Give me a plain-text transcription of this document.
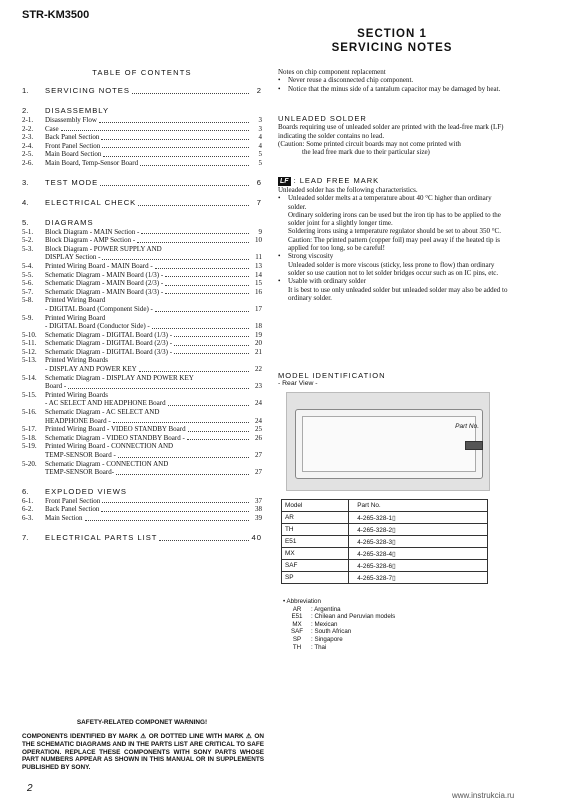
STR-KM3500
SECTION 1
SERVICING NOTES
TABLE OF CONTENTS
1.	SERVICING NOTES	2
2.	DISASSEMBLY
2-1.	Disassembly Flow	3
2-2.	Case	3
2-3.	Back Panel Section	4
2-4.	Front Panel Section	4
2-5.	Main Board Section	5
2-6.	Main Board, Temp-Sensor Board	5
3.	TEST MODE	6
4.	ELECTRICAL CHECK	7
5.	DIAGRAMS
5-1.	Block Diagram - MAIN Section -	9
5-2.	Block Diagram - AMP Section -	10
5-3.	Block Diagram - POWER SUPPLY AND
DISPLAY Section -	11
5-4.	Printed Wiring Board - MAIN Board -	13
5-5.	Schematic Diagram - MAIN Board (1/3) -	14
5-6.	Schematic Diagram - MAIN Board (2/3) -	15
5-7.	Schematic Diagram - MAIN Board (3/3) -	16
5-8.	Printed Wiring Board
- DIGITAL Board (Component Side) -	17
5-9.	Printed Wiring Board
- DIGITAL Board (Conductor Side) -	18
5-10.	Schematic Diagram - DIGITAL Board (1/3) -	19
5-11.	Schematic Diagram - DIGITAL Board (2/3) -	20
5-12.	Schematic Diagram - DIGITAL Board (3/3) -	21
5-13.	Printed Wiring Boards
- DISPLAY AND POWER KEY	22
5-14.	Schematic Diagram - DISPLAY AND POWER KEY
Board -	23
5-15.	Printed Wiring Boards
- AC SELECT AND HEADPHONE Board	24
5-16.	Schematic Diagram - AC SELECT AND
HEADPHONE Board -	24
5-17.	Printed Wiring Board - VIDEO STANDBY Board	25
5-18.	Schematic Diagram - VIDEO STANDBY Board -	26
5-19.	Printed Wiring Board - CONNECTION AND
TEMP-SENSOR Board -	27
5-20.	Schematic Diagram - CONNECTION AND
TEMP-SENSOR Board-	27
6.	EXPLODED VIEWS
6-1.	Front Panel Section	37
6-2.	Back Panel Section	38
6-3.	Main Section	39
7.	ELECTRICAL PARTS LIST	40
Notes on chip component replacement
•	Never reuse a disconnected chip component.
•	Notice that the minus side of a tantalum capacitor may be damaged by heat.
UNLEADED SOLDER
Boards requiring use of unleaded solder are printed with the lead-free mark (LF) indicating the solder contains no lead.
(Caution: Some printed circuit boards may not come printed with
the lead free mark due to their particular size)
LF : LEAD FREE MARK
Unleaded solder has the following characteristics.
•	Unleaded solder melts at a temperature about 40 °C higher than ordinary solder.
Ordinary soldering irons can be used but the iron tip has to be applied to the solder joint for a slightly longer time.
Soldering irons using a temperature regulator should be set to about 350 °C.
Caution: The printed pattern (copper foil) may peel away if the heated tip is applied for too long, so be careful!
•	Strong viscosity
Unleaded solder is more viscous (sticky, less prone to flow) than ordinary solder so use caution not to let solder bridges occur such as on IC pins, etc.
•	Usable with ordinary solder
It is best to use only unleaded solder but unleaded solder may also be added to ordinary solder.
MODEL IDENTIFICATION
- Rear View -
Part No.
Model	Part No.
AR	4-265-328-1▯
TH	4-265-328-2▯
E51	4-265-328-3▯
MX	4-265-328-4▯
SAF	4-265-328-6▯
SP	4-265-328-7▯
• Abbreviation
AR	: Argentina
E51	: Chilean and Peruvian models
MX	: Mexican
SAF	: South African
SP	: Singapore
TH	: Thai
SAFETY-RELATED COMPONET WARNING!
COMPONENTS IDENTIFIED BY MARK ⚠ OR DOTTED LINE WITH MARK ⚠ ON THE SCHEMATIC DIAGRAMS AND IN THE PARTS LIST ARE CRITICAL TO SAFE OPERATION. REPLACE THESE COMPONENTS WITH SONY PARTS WHOSE PART NUMBERS APPEAR AS SHOWN IN THIS MANUAL OR IN SUPPLEMENTS PUBLISHED BY SONY.
2
www.instrukcia.ru
